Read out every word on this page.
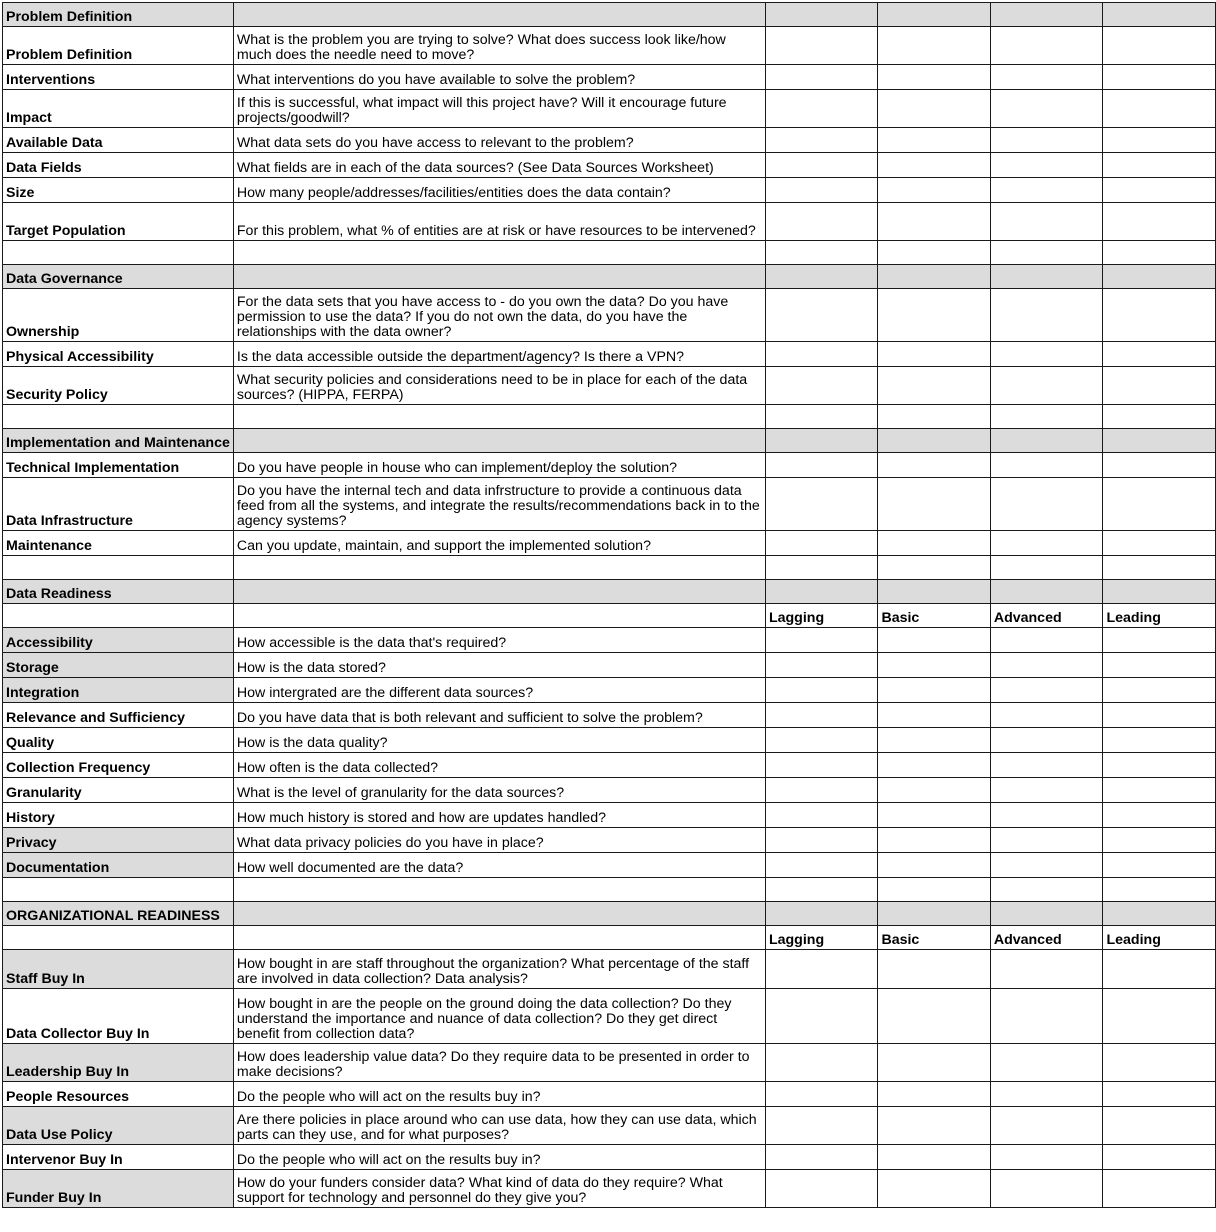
Problem Definition					
Problem Definition	What is the problem you are trying to solve? What does success look like/how much does the needle need to move?				
Interventions	What interventions do you have available to solve the problem?				
Impact	If this is successful, what impact will this project have? Will it encourage future projects/goodwill?				
Available Data	What data sets do you have access to relevant to the problem?				
Data Fields	What fields are in each of the data sources? (See Data Sources Worksheet)				
Size	How many people/addresses/facilities/entities does the data contain?				
Target Population	For this problem, what % of entities are at risk or have resources to be intervened?				

Data Governance					
Ownership	For the data sets that you have access to - do you own the data? Do you have permission to use the data? If you do not own the data, do you have the relationships with the data owner?				
Physical Accessibility	Is the data accessible outside the department/agency? Is there a VPN?				
Security Policy	What security policies and considerations need to be in place for each of the data sources? (HIPPA, FERPA)				

Implementation and Maintenance					
Technical Implementation	Do you have people in house who can implement/deploy the solution?				
Data Infrastructure	Do you have the internal tech and data infrstructure to provide a continuous data feed from all the systems, and integrate the results/recommendations back in to the agency systems?				
Maintenance	Can you update, maintain, and support the implemented solution?				

Data Readiness					
		Lagging	Basic	Advanced	Leading
Accessibility	How accessible is the data that's required?				
Storage	How is the data stored?				
Integration	How intergrated are the different data sources?				
Relevance and Sufficiency	Do you have data that is both relevant and sufficient to solve the problem?				
Quality	How is the data quality?				
Collection Frequency	How often is the data collected?				
Granularity	What is the level of granularity for the data sources?				
History	How much history is stored and how are updates handled?				
Privacy	What data privacy policies do you have in place?				
Documentation	How well documented are the data?				

ORGANIZATIONAL READINESS					
		Lagging	Basic	Advanced	Leading
Staff Buy In	How bought in are staff throughout the organization? What percentage of the staff are involved in data collection? Data analysis?				
Data Collector Buy In	How bought in are the people on the ground doing the data collection? Do they understand the importance and nuance of data collection? Do they get direct benefit from collection data?				
Leadership Buy In	How does leadership value data? Do they require data to be presented in order to make decisions?				
People Resources	Do the people who will act on the results buy in?				
Data Use Policy	Are there policies in place around who can use data, how they can use data, which parts can they use, and for what purposes?				
Intervenor Buy In	Do the people who will act on the results buy in?				
Funder Buy In	How do your funders consider data? What kind of data do they require? What support for technology and personnel do they give you?				
